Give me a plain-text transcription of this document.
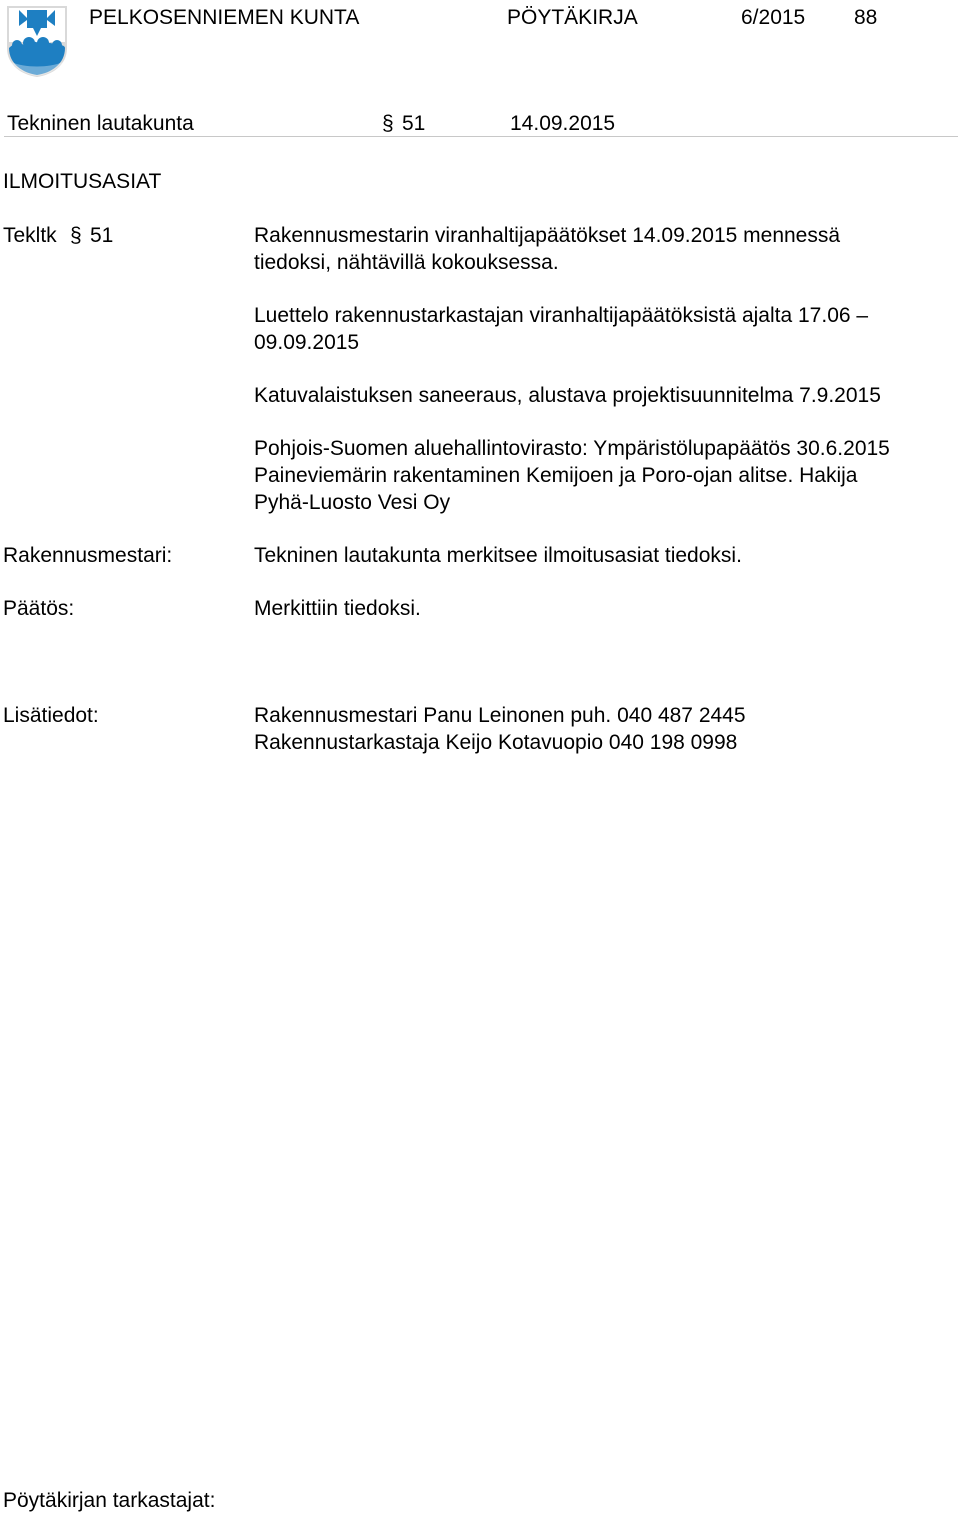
PELKOSENNIEMEN KUNTA	PÖYTÄKIRJA	6/2015 88
Tekninen lautakunta	§ 51	14.09.2015
ILMOITUSASIAT
Tekltk § 51	Rakennusmestarin viranhaltijapäätökset 14.09.2015 mennessä
tiedoksi, nähtävillä kokouksessa.
Luettelo rakennustarkastajan viranhaltijapäätöksistä ajalta 17.06 –
09.09.2015
Katuvalaistuksen saneeraus, alustava projektisuunnitelma 7.9.2015
Pohjois-Suomen aluehallintovirasto: Ympäristölupapäätös 30.6.2015
Paineviemärin rakentaminen Kemijoen ja Poro-ojan alitse. Hakija
Pyhä-Luosto Vesi Oy
Rakennusmestari:	Tekninen lautakunta merkitsee ilmoitusasiat tiedoksi.
Päätös:	Merkittiin tiedoksi.
Lisätiedot:	Rakennusmestari Panu Leinonen puh. 040 487 2445
Rakennustarkastaja Keijo Kotavuopio 040 198 0998
Pöytäkirjan tarkastajat:
